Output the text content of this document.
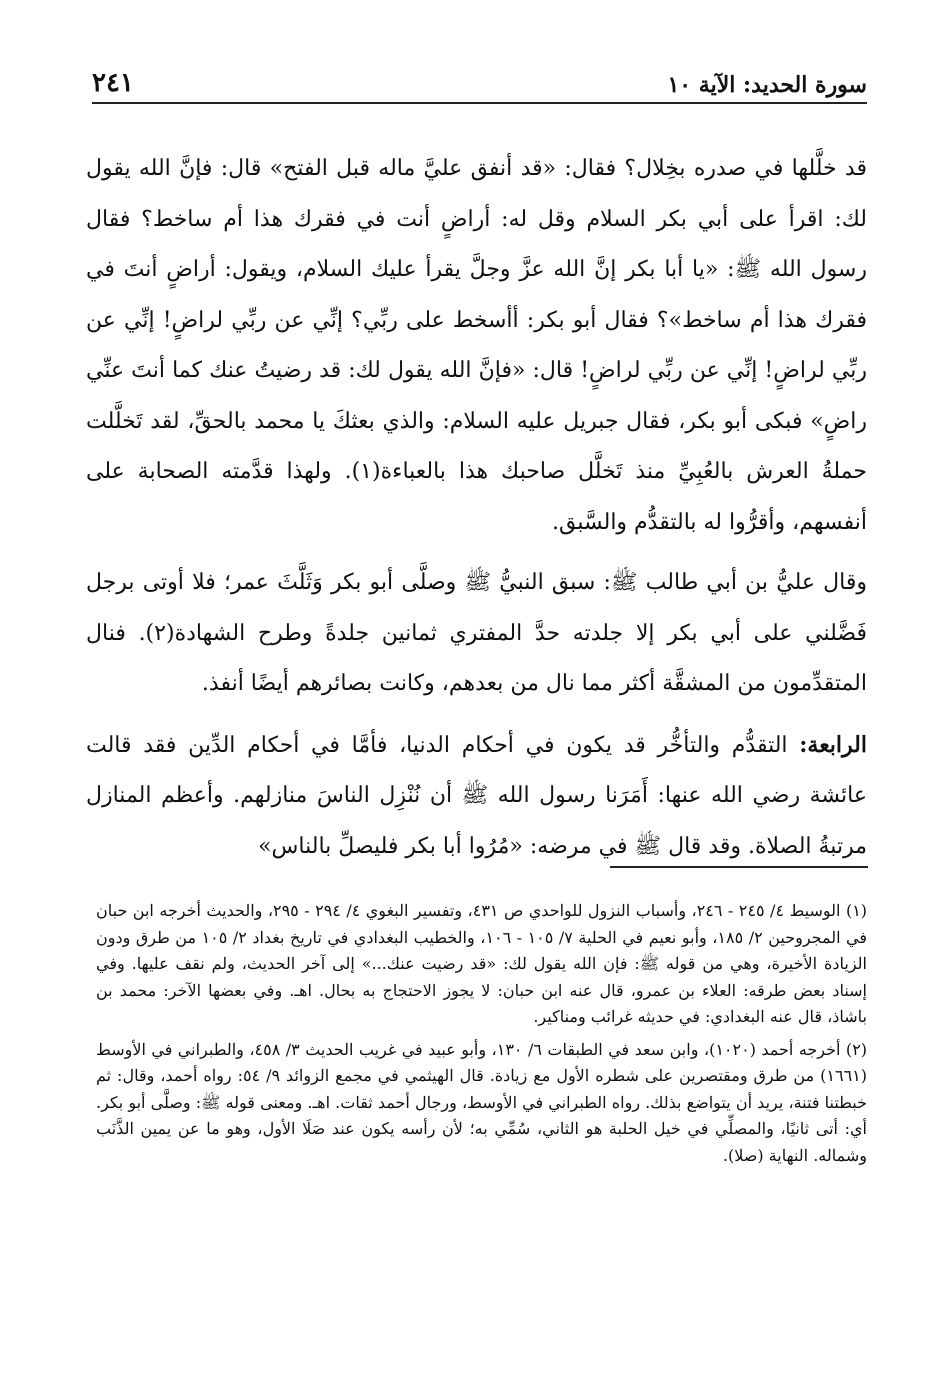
٢٤١	سورة الحديد: الآية ١٠

قد خلَّلها في صدره بخِلال؟ فقال: «قد أنفق عليَّ ماله قبل الفتح» قال: فإنَّ الله يقول لك: اقرأ على أبي بكر السلام وقل له: أراضٍ أنت في فقرك هذا أم ساخط؟ فقال رسول الله ﷺ: «يا أبا بكر إنَّ الله عزَّ وجلَّ يقرأ عليك السلام، ويقول: أراضٍ أنتَ في فقرك هذا أم ساخط»؟ فقال أبو بكر: أأسخط على ربِّي؟ إنِّي عن ربِّي لراضٍ! إنِّي عن ربِّي لراضٍ! إنِّي عن ربِّي لراضٍ! قال: «فإنَّ الله يقول لك: قد رضيتُ عنك كما أنتَ عنِّي راضٍ» فبكى أبو بكر، فقال جبريل عليه السلام: والذي بعثكَ يا محمد بالحقِّ، لقد تَخلَّلت حملةُ العرش بالعُبِيِّ منذ تَخلَّل صاحبك هذا بالعباءة(١). ولهذا قدَّمته الصحابة على أنفسهم، وأقرُّوا له بالتقدُّم والسَّبق.

وقال عليُّ بن أبي طالب ﷺ: سبق النبيُّ ﷺ وصلَّى أبو بكر وَثَلَّثَ عمر؛ فلا أوتى برجل فَضَّلني على أبي بكر إلا جلدته حدَّ المفتري ثمانين جلدةً وطرح الشهادة(٢). فنال المتقدِّمون من المشقَّة أكثر مما نال من بعدهم، وكانت بصائرهم أيضًا أنفذ.

الرابعة: التقدُّم والتأخُّر قد يكون في أحكام الدنيا، فأمَّا في أحكام الدِّين فقد قالت عائشة رضي الله عنها: أَمَرَنا رسول الله ﷺ أن نُنْزِل الناسَ منازلهم. وأعظم المنازل مرتبةُ الصلاة. وقد قال ﷺ في مرضه: «مُرُوا أبا بكر فليصلِّ بالناس»

(١) الوسيط ٤/ ٢٤٥ - ٢٤٦، وأسباب النزول للواحدي ص ٤٣١، وتفسير البغوي ٤/ ٢٩٤ - ٢٩٥، والحديث أخرجه ابن حبان في المجروحين ٢/ ١٨٥، وأبو نعيم في الحلية ٧/ ١٠٥ - ١٠٦، والخطيب البغدادي في تاريخ بغداد ٢/ ١٠٥ من طرق ودون الزيادة الأخيرة، وهي من قوله ﷺ: فإن الله يقول لك: «قد رضيت عنك...» إلى آخر الحديث، ولم نقف عليها. وفي إسناد بعض طرقه: العلاء بن عمرو، قال عنه ابن حبان: لا يجوز الاحتجاج به بحال. اهـ. وفي بعضها الآخر: محمد بن باشاذ، قال عنه البغدادي: في حديثه غرائب ومناكير.

(٢) أخرجه أحمد (١٠٢٠)، وابن سعد في الطبقات ٦/ ١٣٠، وأبو عبيد في غريب الحديث ٣/ ٤٥٨، والطبراني في الأوسط (١٦٦١) من طرق ومقتصرين على شطره الأول مع زيادة. قال الهيثمي في مجمع الزوائد ٩/ ٥٤: رواه أحمد، وقال: ثم خبطتنا فتنة، يريد أن يتواضع بذلك. رواه الطبراني في الأوسط، ورجال أحمد ثقات. اهـ. ومعنى قوله ﷺ: وصلَّى أبو بكر. أي: أتى ثانيًا، والمصلِّي في خيل الحلبة هو الثاني، سُمِّي به؛ لأن رأسه يكون عند صَلَا الأول، وهو ما عن يمين الذَّنَب وشماله. النهاية (صلا).
